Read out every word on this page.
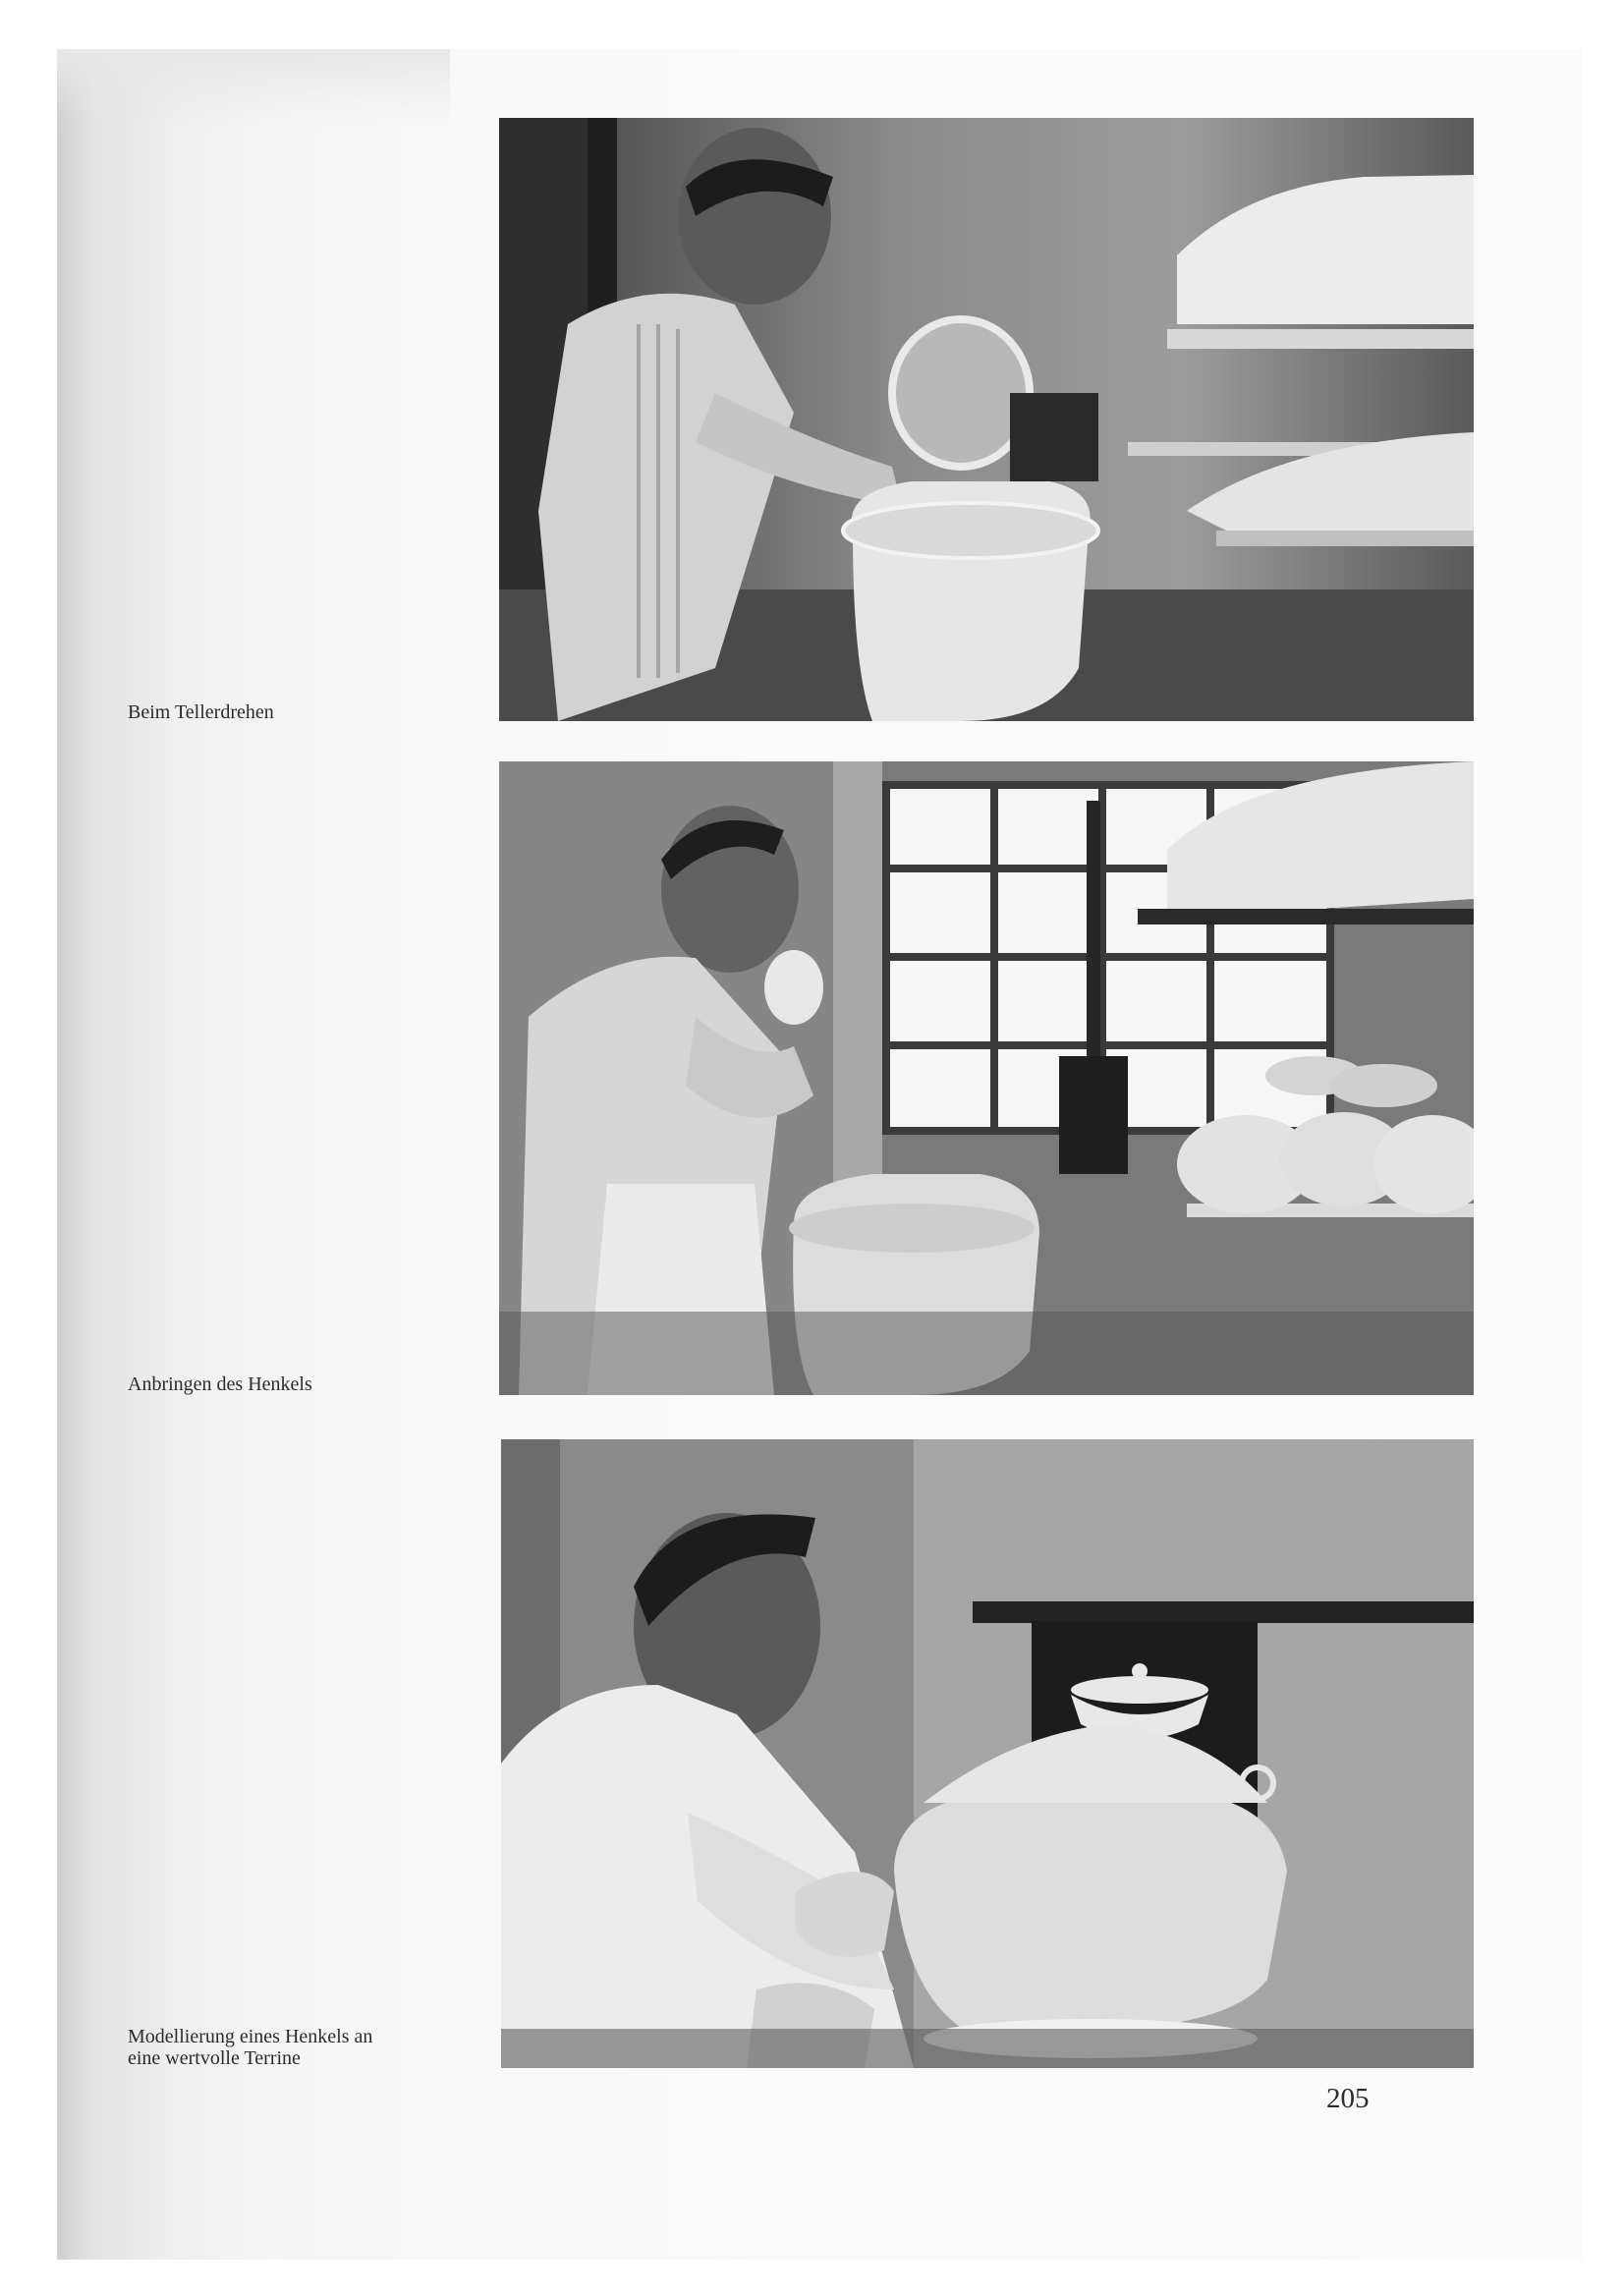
Beim Tellerdrehen
Anbringen des Henkels
Modellierung eines Henkels an
eine wertvolle Terrine
205
